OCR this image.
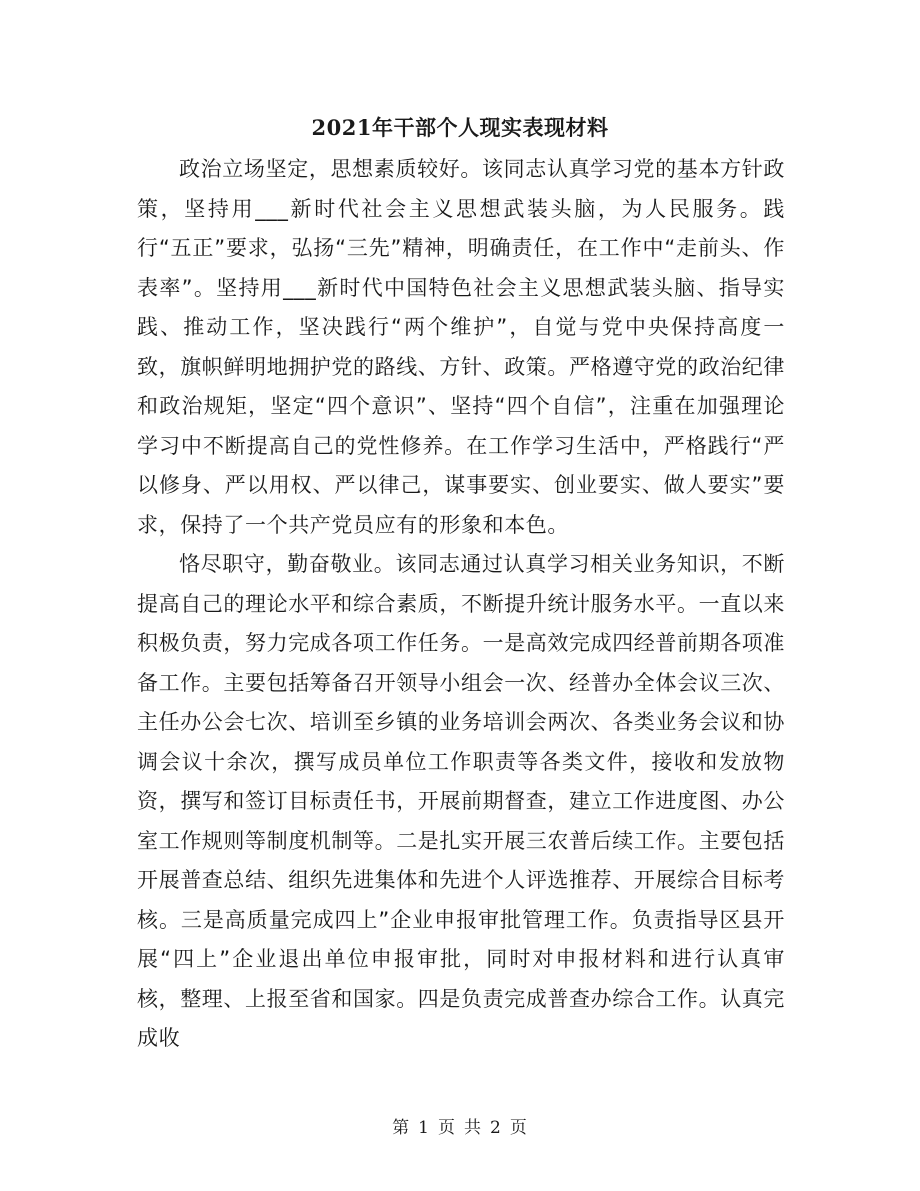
2021年干部个人现实表现材料

政治立场坚定，思想素质较好。该同志认真学习党的基本方针政策，坚持用___新时代社会主义思想武装头脑，为人民服务。践行“五正”要求，弘扬“三先”精神，明确责任，在工作中“走前头、作表率”。坚持用___新时代中国特色社会主义思想武装头脑、指导实践、推动工作，坚决践行“两个维护”，自觉与党中央保持高度一致，旗帜鲜明地拥护党的路线、方针、政策。严格遵守党的政治纪律和政治规矩，坚定“四个意识”、坚持“四个自信”，注重在加强理论学习中不断提高自己的党性修养。在工作学习生活中，严格践行“严以修身、严以用权、严以律己，谋事要实、创业要实、做人要实”要求，保持了一个共产党员应有的形象和本色。

恪尽职守，勤奋敬业。该同志通过认真学习相关业务知识，不断提高自己的理论水平和综合素质，不断提升统计服务水平。一直以来积极负责，努力完成各项工作任务。一是高效完成四经普前期各项准备工作。主要包括筹备召开领导小组会一次、经普办全体会议三次、主任办公会七次、培训至乡镇的业务培训会两次、各类业务会议和协调会议十余次，撰写成员单位工作职责等各类文件，接收和发放物资，撰写和签订目标责任书，开展前期督查，建立工作进度图、办公室工作规则等制度机制等。二是扎实开展三农普后续工作。主要包括开展普查总结、组织先进集体和先进个人评选推荐、开展综合目标考核。三是高质量完成四上”企业申报审批管理工作。负责指导区县开展“四上”企业退出单位申报审批，同时对申报材料和进行认真审核，整理、上报至省和国家。四是负责完成普查办综合工作。认真完成收

第 1 页 共 2 页
